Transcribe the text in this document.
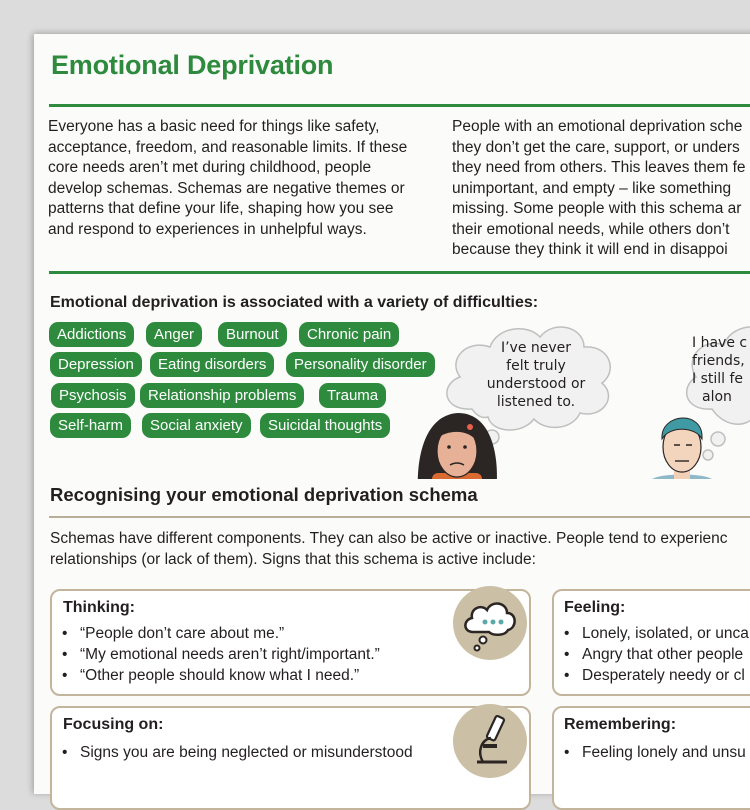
Emotional Deprivation

Everyone has a basic need for things like safety,

acceptance, freedom, and reasonable limits. If these

core needs aren’t met during childhood, people

develop schemas. Schemas are negative themes or

patterns that define your life, shaping how you see

and respond to experiences in unhelpful ways.

People with an emotional deprivation sche

they don’t get the care, support, or unders

they need from others. This leaves them fe

unimportant, and empty – like something

missing. Some people with this schema ar

their emotional needs, while others don’t

because they think it will end in disappoi

Emotional deprivation is associated with a variety of difficulties:
Addictions	Anger	Burnout	Chronic pain
Depression	Eating disorders	Personality disorder
Psychosis	Relationship problems	Trauma
Self-harm	Social anxiety	Suicidal thoughts
I’ve never
felt truly
understood or
listened to.
I have c
friends,
I still fe
alon
Recognising your emotional deprivation schema

Schemas have different components. They can also be active or inactive. People tend to experienc

relationships (or lack of them). Signs that this schema is active include:

Thinking:
• “People don’t care about me.”
• “My emotional needs aren’t right/important.”
• “Other people should know what I need.”
Feeling:
• Lonely, isolated, or unca
• Angry that other people
• Desperately needy or cl
Focusing on:
• Signs you are being neglected or misunderstood
Remembering:
• Feeling lonely and unsu
